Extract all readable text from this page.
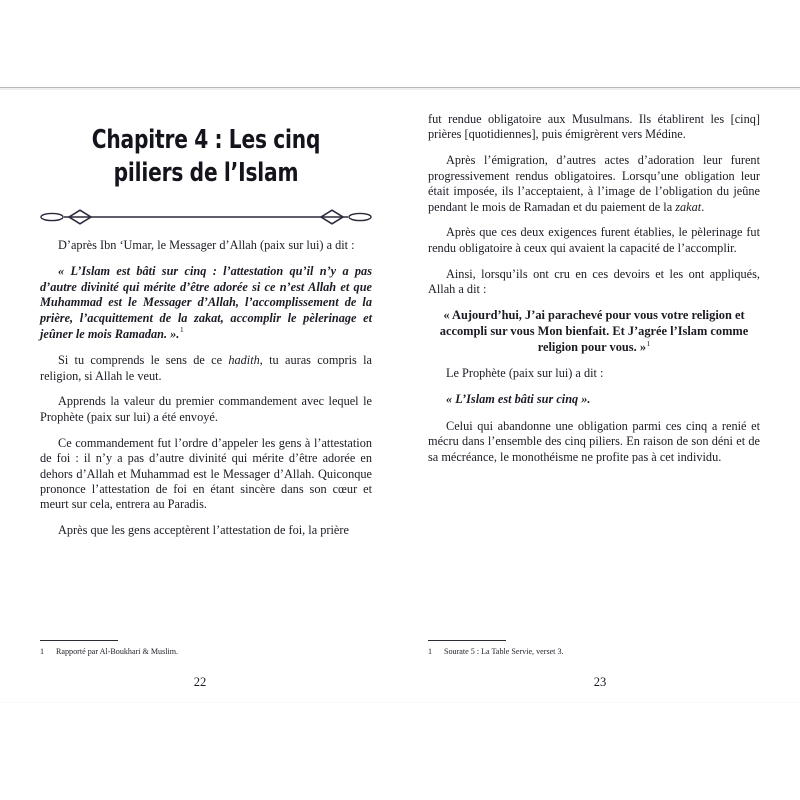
Chapitre 4 : Les cinq piliers de l’Islam

D’après Ibn ‘Umar, le Messager d’Allah (paix sur lui) a dit :

« L’Islam est bâti sur cinq : l’attestation qu’il n’y a pas d’autre divinité qui mérite d’être adorée si ce n’est Allah et que Muhammad est le Messager d’Allah, l’accomplissement de la prière, l’acquittement de la zakat, accomplir le pèlerinage et jeûner le mois Ramadan. ».$^1$

Si tu comprends le sens de ce hadith, tu auras compris la religion, si Allah le veut.

Apprends la valeur du premier commandement avec lequel le Prophète (paix sur lui) a été envoyé.

Ce commandement fut l’ordre d’appeler les gens à l’attestation de foi : il n’y a pas d’autre divinité qui mérite d’être adorée en dehors d’Allah et Muhammad est le Messager d’Allah. Quiconque prononce l’attestation de foi en étant sincère dans son cœur et meurt sur cela, entrera au Paradis.

Après que les gens acceptèrent l’attestation de foi, la prière

1 Rapporté par Al-Boukhari & Muslim.
22

fut rendue obligatoire aux Musulmans. Ils établirent les [cinq] prières [quotidiennes], puis émigrèrent vers Médine.

Après l’émigration, d’autres actes d’adoration leur furent progressivement rendus obligatoires. Lorsqu’une obligation leur était imposée, ils l’acceptaient, à l’image de l’obligation du jeûne pendant le mois de Ramadan et du paiement de la zakat.

Après que ces deux exigences furent établies, le pèlerinage fut rendu obligatoire à ceux qui avaient la capacité de l’accomplir.

Ainsi, lorsqu’ils ont cru en ces devoirs et les ont appliqués, Allah a dit :

« Aujourd’hui, J’ai parachevé pour vous votre religion et accompli sur vous Mon bienfait. Et J’agrée l’Islam comme religion pour vous. »$^1$

Le Prophète (paix sur lui) a dit :

« L’Islam est bâti sur cinq ».

Celui qui abandonne une obligation parmi ces cinq a renié et mécru dans l’ensemble des cinq piliers. En raison de son déni et de sa mécréance, le monothéisme ne profite pas à cet individu.

1 Sourate 5 : La Table Servie, verset 3.
23
